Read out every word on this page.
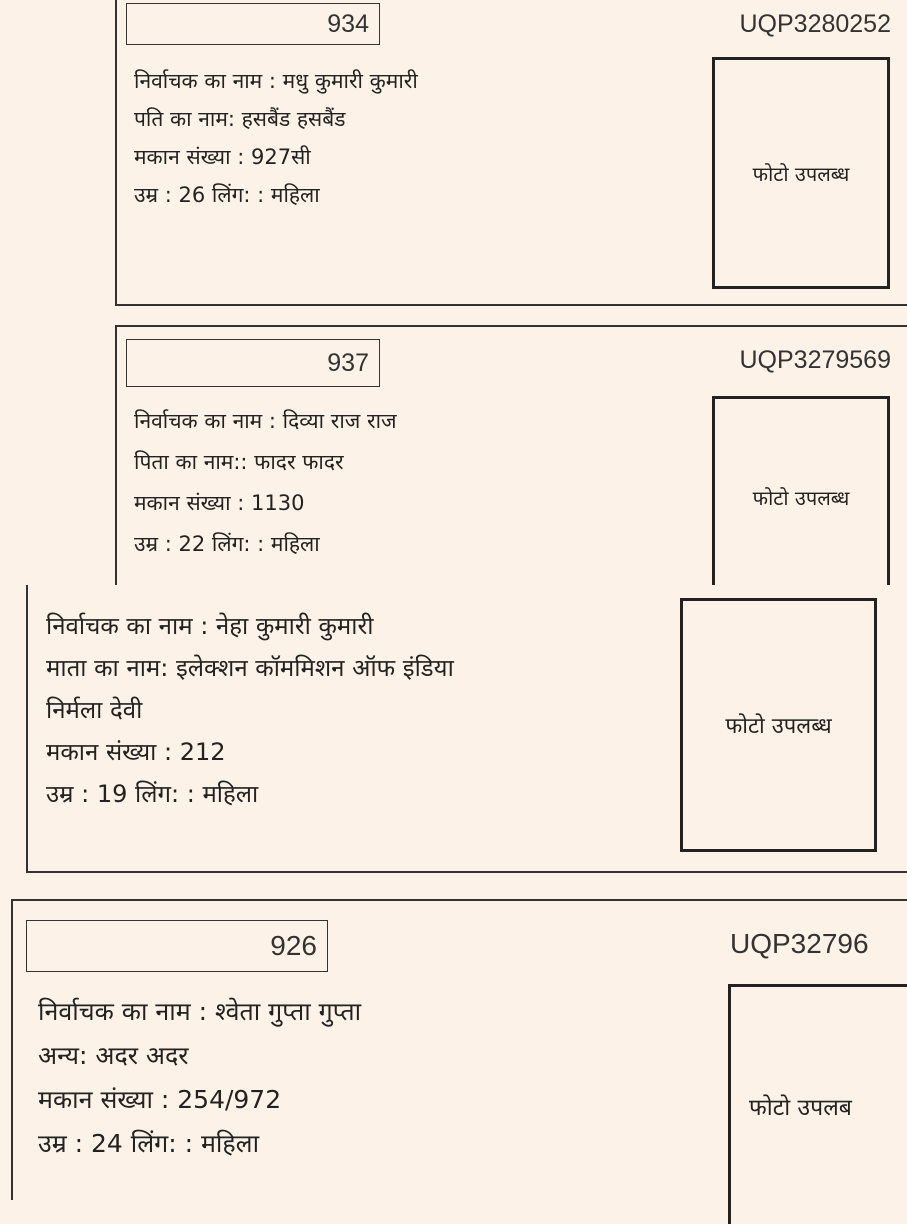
934	UQP3280252
निर्वाचक का नाम : मधु कुमारी कुमारी
पति का नाम: हसबैंड हसबैंड
मकान संख्या : 927सी
उम्र : 26 लिंग: : महिला
फोटो उपलब्ध
937	UQP3279569
निर्वाचक का नाम : दिव्या राज राज
पिता का नाम:: फादर फादर
मकान संख्या : 1130
उम्र : 22 लिंग: : महिला
फोटो उपलब्ध
निर्वाचक का नाम : नेहा कुमारी कुमारी
माता का नाम: इलेक्शन कॉममिशन ऑफ इंडिया
निर्मला देवी
मकान संख्या : 212
उम्र : 19 लिंग: : महिला
फोटो उपलब्ध
926	UQP32796
निर्वाचक का नाम : श्वेता गुप्ता गुप्ता
अन्य: अदर अदर
मकान संख्या : 254/972
उम्र : 24 लिंग: : महिला
फोटो उपलब
